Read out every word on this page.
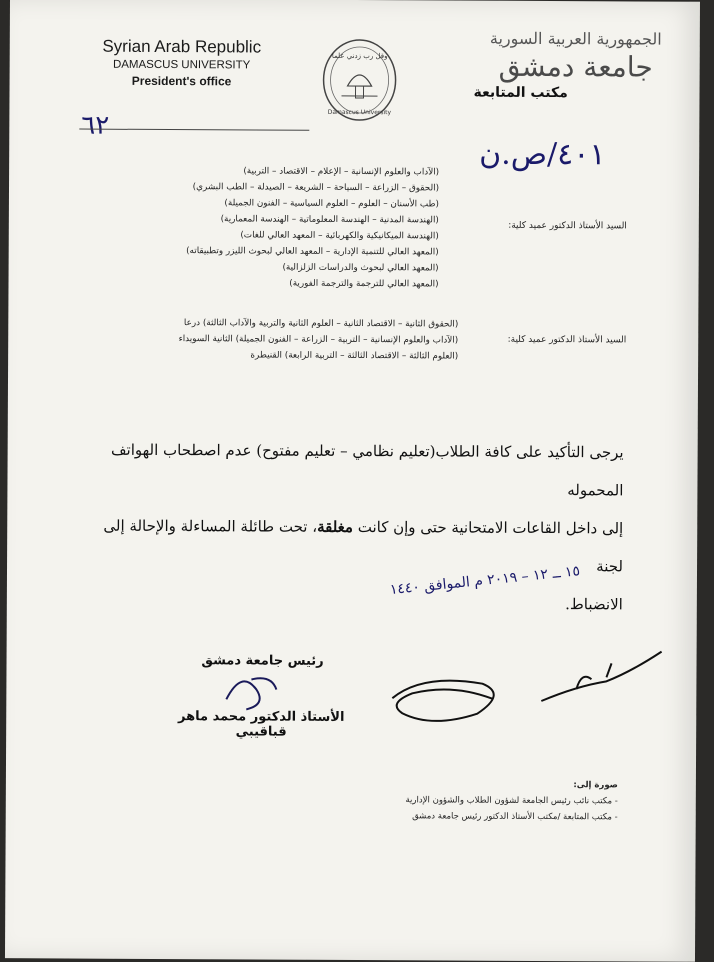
Syrian Arab Republic
DAMASCUS UNIVERSITY
President's office
وقل رب زدني علما
Damascus University
الجمهورية العربية السورية
جامعة دمشق
مكتب المتابعة
٦٢
٤٠١/ص.ن
(الآداب والعلوم الإنسانية – الإعلام – الاقتصاد – التربية)
(الحقوق – الزراعة – السياحة – الشريعة – الصيدلة – الطب البشري)
(طب الأسنان – العلوم – العلوم السياسية – الفنون الجميلة)
(الهندسة المدنية – الهندسة المعلوماتية – الهندسة المعمارية)
(الهندسة الميكانيكية والكهربائية – المعهد العالي للغات)
(المعهد العالي للتنمية الإدارية – المعهد العالي لبحوث الليزر وتطبيقاته)
(المعهد العالي لبحوث والدراسات الزلزالية)
(المعهد العالي للترجمة والترجمة الفورية)
السيد الأستاذ الدكتور عميد كلية:
(الحقوق الثانية – الاقتصاد الثانية – العلوم الثانية والتربية والآداب الثالثة) درعا
(الآداب والعلوم الإنسانية – التربية – الزراعة – الفنون الجميلة) الثانية السويداء
(العلوم الثالثة – الاقتصاد الثالثة – التربية الرابعة) القنيطرة
السيد الأستاذ الدكتور عميد كلية:
يرجى التأكيد على كافة الطلاب(تعليم نظامي – تعليم مفتوح) عدم اصطحاب الهواتف المحموله
إلى داخل القاعات الامتحانية حتى وإن كانت مغلقة، تحت طائلة المساءلة والإحالة إلى لجنة
الانضباط.
١٥ ــ ١٢ – ٢٠١٩ م الموافق ١٤٤٠
رئيس جامعة دمشق
الأستاذ الدكتور محمد ماهر قباقيبي
صورة إلى:
- مكتب نائب رئيس الجامعة لشؤون الطلاب والشؤون الإدارية
- مكتب المتابعة /مكتب الأستاذ الدكتور رئيس جامعة دمشق
